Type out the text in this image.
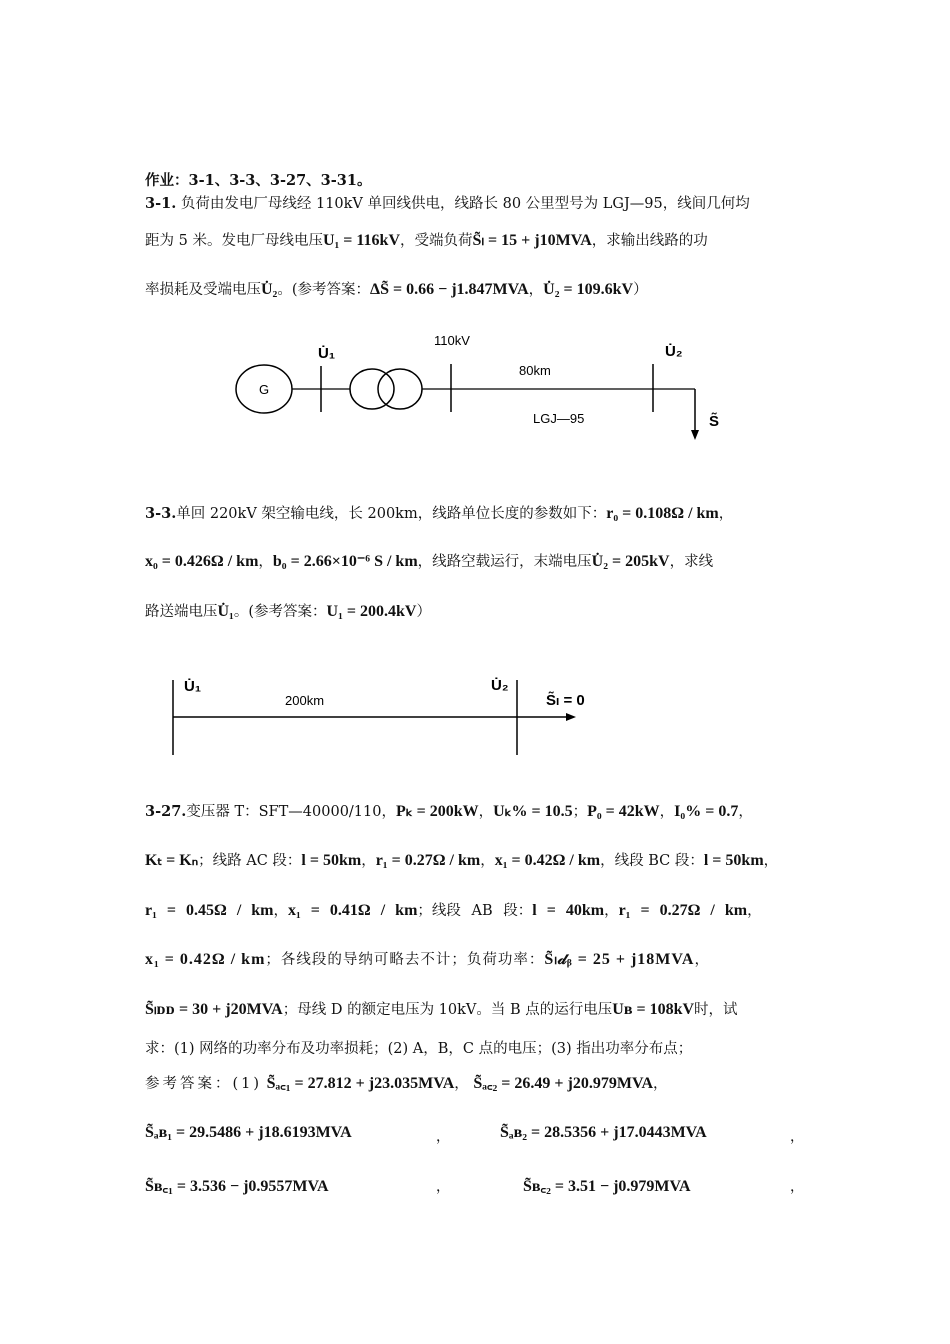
作业：3-1、3-3、3-27、3-31。
3-1. 负荷由发电厂母线经 110kV 单回线供电，线路长 80 公里型号为 LGJ—95，线间几何均
距为 5 米。发电厂母线电压U₁ = 116kV，受端负荷S̃ₗ = 15 + j10MVA，求输出线路的功
率损耗及受端电压U̇₂。(参考答案：ΔS̃ = 0.66 − j1.847MVA，U̇₂ = 109.6kV）
G
U̇₁
110kV
80km
LGJ—95
U̇₂
S̃
3-3.单回 220kV 架空输电线，长 200km，线路单位长度的参数如下：r₀ = 0.108Ω / km，
x₀ = 0.426Ω / km，b₀ = 2.66×10⁻⁶ S / km，线路空载运行，末端电压U̇₂ = 205kV，求线
路送端电压U̇₁。(参考答案：U₁ = 200.4kV）
U̇₁
200km
U̇₂
S̃ₗ = 0
3-27.变压器 T：SFT—40000/110，Pₖ = 200kW，Uₖ% = 10.5；P₀ = 42kW，I₀% = 0.7，
Kₜ = Kₙ；线路 AC 段：l = 50km，r₁ = 0.27Ω / km，x₁ = 0.42Ω / km，线段 BC 段：l = 50km，
r₁ = 0.45Ω / km，x₁ = 0.41Ω / km；线段 AB 段：l = 40km，r₁ = 0.27Ω / km，
x₁ = 0.42Ω / km；各线段的导纳可略去不计；负荷功率：S̃ₗ𝒹ᵦ = 25 + j18MVA，
S̃ₗᴅᴅ = 30 + j20MVA；母线 D 的额定电压为 10kV。当 B 点的运行电压Uʙ = 108kV时，试
求：(1) 网络的功率分布及功率损耗；(2) A，B，C 点的电压；(3) 指出功率分布点；
参考答案：(1) S̃ₐ꜀₁ = 27.812 + j23.035MVA， S̃ₐ꜀₂ = 26.49 + j20.979MVA，
S̃ₐʙ₁ = 29.5486 + j18.6193MVA	，	S̃ₐʙ₂ = 28.5356 + j17.0443MVA	，
S̃ʙ꜀₁ = 3.536 − j0.9557MVA	，	S̃ʙ꜀₂ = 3.51 − j0.979MVA	，
